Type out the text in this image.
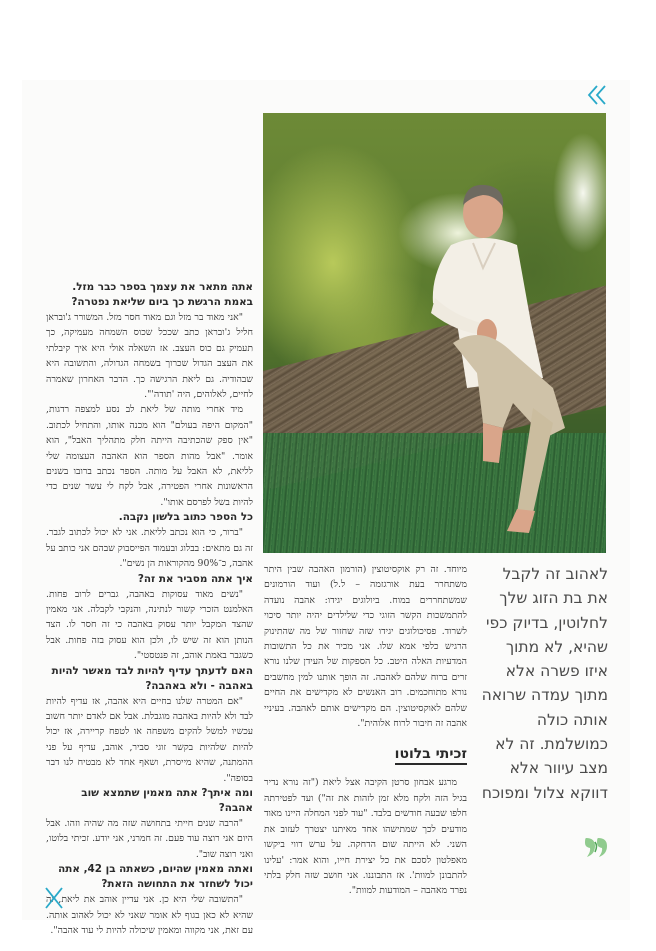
אתה מתאר את עצמך בספר כבר מזל. באמת הרגשת כך ביום שליאת נפטרה?

"אני מאוד בר מזל וגם מאוד חסר מזל. המשורר ג'ובראן חליל ג'ובראן כתב שככל שכוס השמחה מעמיקה, כך תעמיק גם כוס העצב. אז השאלה אולי היא איך קיבלתי את העצב הגדול שכרוך בשמחה הגדולה, והתשובה היא שבהודיה. גם ליאת הרגישה כך. הדבר האחרון שאמרה לחיים, לאלוהים, היה 'תודה'".

מיד אחרי מותה של ליאת לב נסע למצפה רדגות, "המקום היפה בעולם" הוא מכנה אותו, והתחיל לכתוב. "אין ספק שהכתיבה הייתה חלק מתהליך האבל", הוא אומר. "אבל מהות הספר הוא האהבה העצומה שלי לליאת, לא האבל על מותה. הספר נכתב ברובו בשנים הראשונות אחרי הפטירה, אבל לקח לי עשר שנים כדי להיות בשל לפרסם אותו".

כל הספר כתוב בלשון נקבה.

"ברור, כי הוא נכתב לליאת. אני לא יכול לכתוב לגבר. זה גם מתאים: בבלוג ובעמוד הפייסבוק שבהם אני כותב על אהבה, כ־90% מהקוראות הן נשים".

איך אתה מסביר את זה?

"נשים מאוד עסוקות באהבה, גברים לרוב פחות. האלמנט הזכרי קשור לנתינה, והנקבי לקבלה. אני מאמין שהצד המקבל יותר עסוק באהבה כי זה חסר לו. הצד הנותן הוא זה שיש לו, ולכן הוא עסוק בזה פחות. אבל כשגבר באמת אוהב, זה פנטסטי".

האם לדעתך עדיף להיות לבד מאשר להיות באהבה - ולא באהבה?

"אם המטרה שלנו בחיים היא אהבה, אז עדיף להיות לבד ולא להיות באהבה מוגבלת. אבל אם לאדם יותר חשוב עכשיו למשל להקים משפחה או לטפח קריירה, אז יכול להיות שלהיות בקשר זוגי סביר, אוהב, עדיף על פני ההמתנה, שהיא מייסרת, ושאף אחד לא מבטיח לנו דבר בסופה".

ומה איתך? אתה מאמין שתמצא שוב אהבה?

"הרבה שנים חייתי בתחושה שזה מה שהיה וזהו. אבל היום אני רוצה עוד פעם. זה חמרני, אני יודע. זכיתי בלוטו, ואני רוצה שוב".

ואתה מאמין שהיום, כשאתה בן 42, אתה יכול לשחזר את התחושה הזאת?

"התשובה שלי היא כן. אני עדיין אוהב את ליאת, זה שהיא לא כאן בגוף לא אומר שאני לא יכול לאהוב אותה. עם זאת, אני מקווה ומאמין שיכולה להיות לי עוד אהבה".

מיוחד. זה רק אוקסיטוצין (הורמון האהבה שבין היתר משתחרר בעת אורגזמה – ל.ל) ועוד הורמונים שמשתחררים במוח. ביולוגים יגידו: אהבה נועדה להתמשכות הקשר הזוגי כדי שלילדים יהיה יותר סיכוי לשרוד. פסיכולוגים יגידו שזה שחזור של מה שהתינוק הרגיש כלפי אמא שלו. אני מכיר את כל התשובות המדעיות האלה היטב. כל הספקות של העידן שלנו נורא זרים ברוח שלהם לאהבה. זה הופך אותנו למין מחשבים נורא מתוחכמים. רוב האנשים לא מקדישים את החיים שלהם לאוקסיטוצין. הם מקדישים אותם לאהבה. בעיניי אהבה זה חיבור לרוח אלוהית".

זכיתי בלוטו

מרגע אבחון סרטן הקיבה אצל ליאת ("זה נורא נדיר בגיל הזה ולקח מלא זמן לזהות את זה") ועד לפטירתה חלפו שבעה חודשים בלבד. "עוד לפני המחלה היינו מאוד מודעים לכך שמתישהו אחד מאיתנו יצטרך לעזוב את השני. לא הייתה שום הדחקה. על ערש דווי ביקשו מאפלטון לסכם את כל יצירת חייו, והוא אמר: 'עלינו להתבונן למוות'. אז התבוננו. אני חושב שזה חלק בלתי נפרד מאהבה – המודעות למוות".

לאהוב זה לקבל את בת הזוג שלך לחלוטין, בדיוק כפי שהיא, לא מתוך איזו פשרה אלא מתוך עמדה שרואה אותה כולה כמושלמת. זה לא מצב עיוור אלא דווקא צלול ומפוכח
